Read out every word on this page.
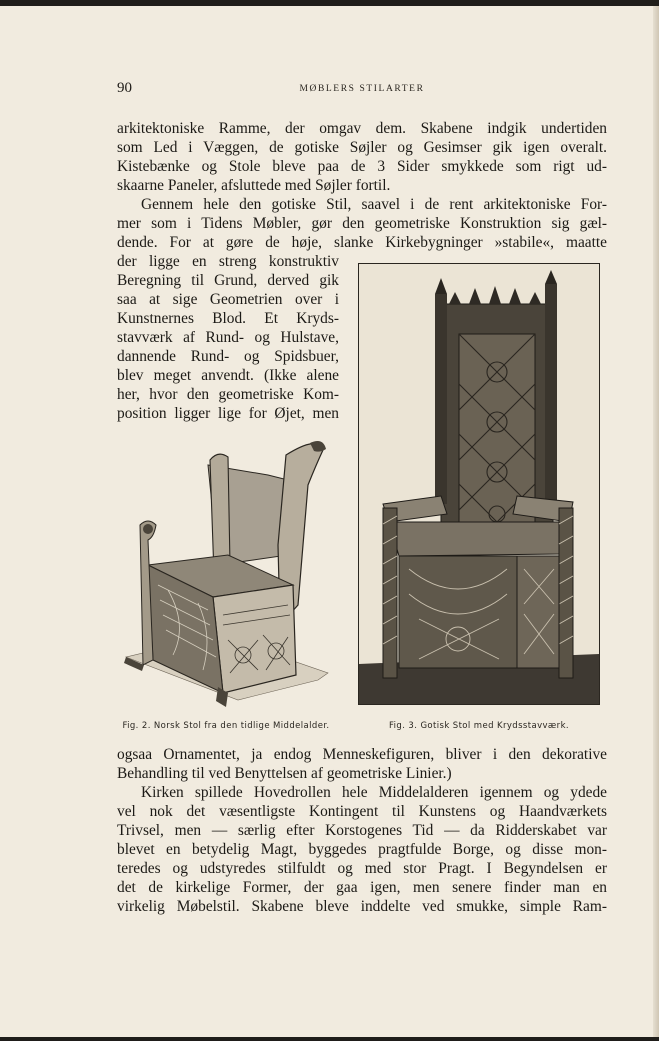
90	MØBLERS STILARTER
arkitektoniske Ramme, der omgav dem. Skabene indgik undertiden
som Led i Væggen, de gotiske Søjler og Gesimser gik igen overalt.
Kistebænke og Stole bleve paa de 3 Sider smykkede som rigt ud-
skaarne Paneler, afsluttede med Søjler fortil.
Gennem hele den gotiske Stil, saavel i de rent arkitektoniske For-
mer som i Tidens Møbler, gør den geometriske Konstruktion sig gæl-
dende. For at gøre de høje, slanke Kirkebygninger »stabile«, maatte
der ligge en streng konstruktiv
Beregning til Grund, derved gik
saa at sige Geometrien over i
Kunstnernes Blod. Et Kryds-
stavværk af Rund- og Hulstave,
dannende Rund- og Spidsbuer,
blev meget anvendt. (Ikke alene
her, hvor den geometriske Kom-
position ligger lige for Øjet, men
Fig. 2. Norsk Stol fra den tidlige Middelalder.	Fig. 3. Gotisk Stol med Krydsstavværk.
ogsaa Ornamentet, ja endog Menneskefiguren, bliver i den dekorative
Behandling til ved Benyttelsen af geometriske Linier.)
Kirken spillede Hovedrollen hele Middelalderen igennem og ydede
vel nok det væsentligste Kontingent til Kunstens og Haandværkets
Trivsel, men — særlig efter Korstogenes Tid — da Ridderskabet var
blevet en betydelig Magt, byggedes pragtfulde Borge, og disse mon-
teredes og udstyredes stilfuldt og med stor Pragt. I Begyndelsen er
det de kirkelige Former, der gaa igen, men senere finder man en
virkelig Møbelstil. Skabene bleve inddelte ved smukke, simple Ram-
